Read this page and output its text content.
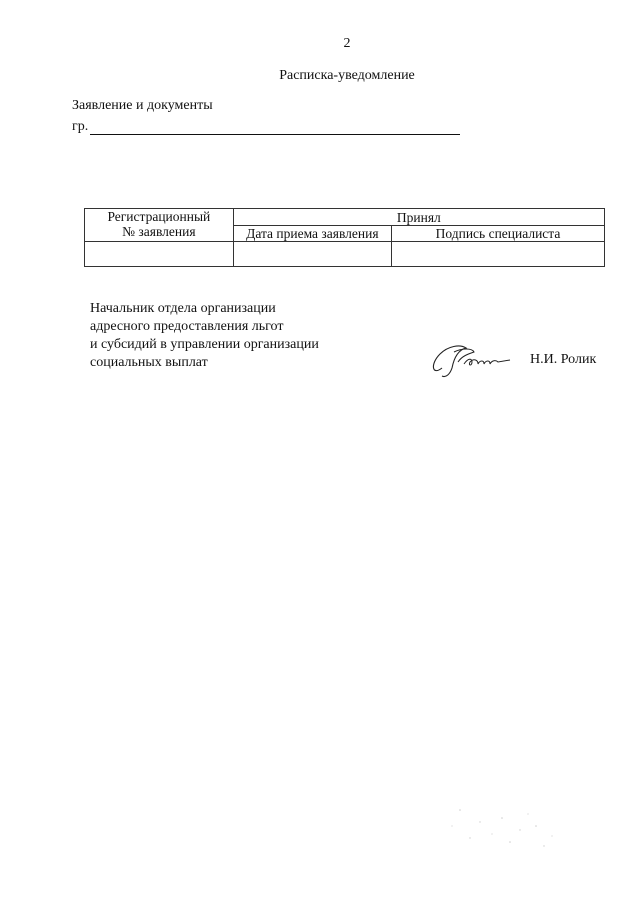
2
Расписка-уведомление
Заявление и документы
гр.
Регистрационный
№ заявления	Принял	
	Дата приема заявления	Подпись специалиста

Начальник отдела организации
адресного предоставления льгот
и субсидий в управлении организации
социальных выплат	Н.И. Ролик
